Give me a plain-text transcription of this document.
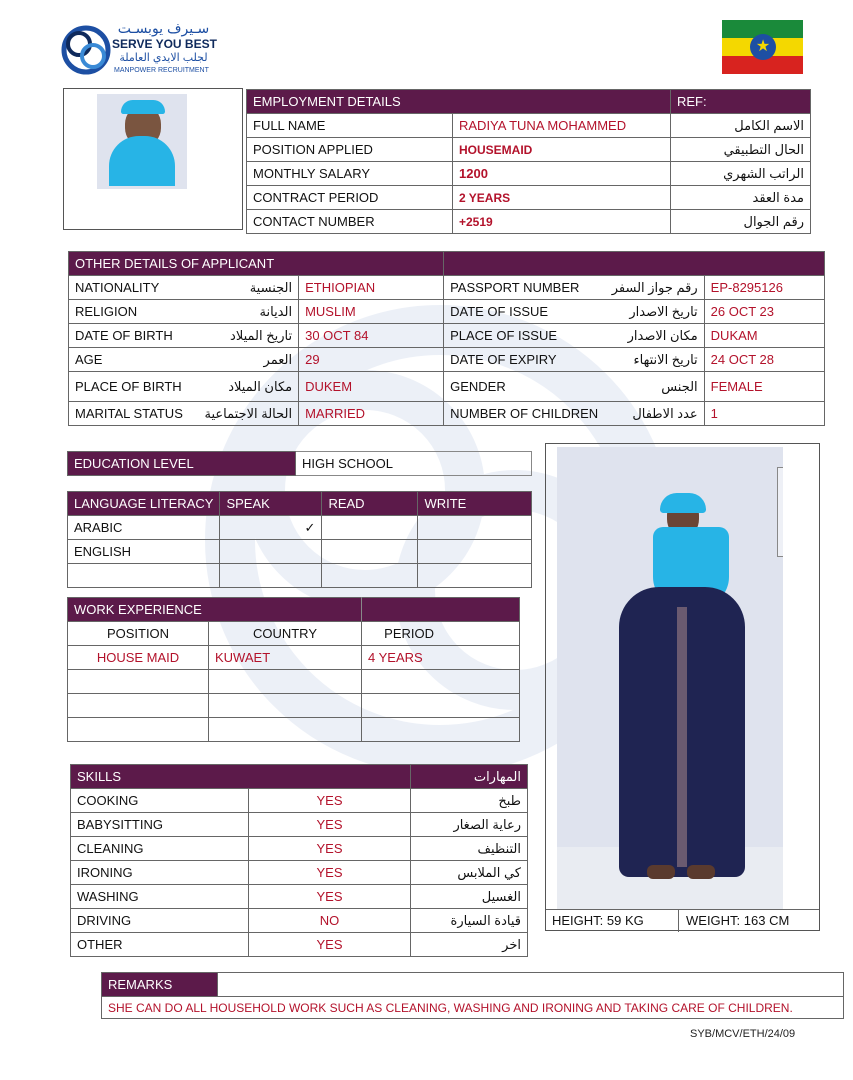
سـيرف يوبسـت
SERVE YOU BEST
لجلب الايدي العاملة
MANPOWER RECRUITMENT
★
EMPLOYMENT DETAILS		REF:
FULL NAME	RADIYA TUNA MOHAMMED	الاسم الكامل
POSITION APPLIED	HOUSEMAID	الحال التطبيقي
MONTHLY SALARY	1200	الراتب الشهري
CONTRACT PERIOD	2 YEARS	مدة العقد
CONTACT NUMBER	+2519	رقم الجوال
OTHER DETAILS OF APPLICANT					
NATIONALITY	الجنسية	ETHIOPIAN	PASSPORT NUMBER	رقم جواز السفر	EP-8295126
RELIGION	الديانة	MUSLIM	DATE OF ISSUE	تاريخ الاصدار	26 OCT 23
DATE OF BIRTH	تاريخ الميلاد	30 OCT 84	PLACE OF ISSUE	مكان الاصدار	DUKAM
AGE	العمر	29	DATE OF EXPIRY	تاريخ الانتهاء	24 OCT 28
PLACE OF BIRTH	مكان الميلاد	DUKEM	GENDER	الجنس	FEMALE
MARITAL STATUS	الحالة الاجتماعية	MARRIED	NUMBER OF CHILDREN	عدد الاطفال	1
EDUCATION LEVEL	HIGH SCHOOL
LANGUAGE LITERACY	SPEAK	READ	WRITE
ARABIC	✓		
ENGLISH			

WORK EXPERIENCE		
POSITION	COUNTRY	PERIOD
HOUSE MAID	KUWAET	4 YEARS

SKILLS		المهارات
COOKING	YES	طبخ
BABYSITTING	YES	رعاية الصغار
CLEANING	YES	التنظيف
IRONING	YES	كي الملابس
WASHING	YES	الغسيل
DRIVING	NO	قيادة السيارة
OTHER	YES	اخر
HEIGHT: 59 KG	WEIGHT: 163 CM
REMARKS	
SHE CAN DO ALL HOUSEHOLD WORK SUCH AS CLEANING, WASHING AND IRONING AND TAKING CARE OF CHILDREN.
SYB/MCV/ETH/24/09
